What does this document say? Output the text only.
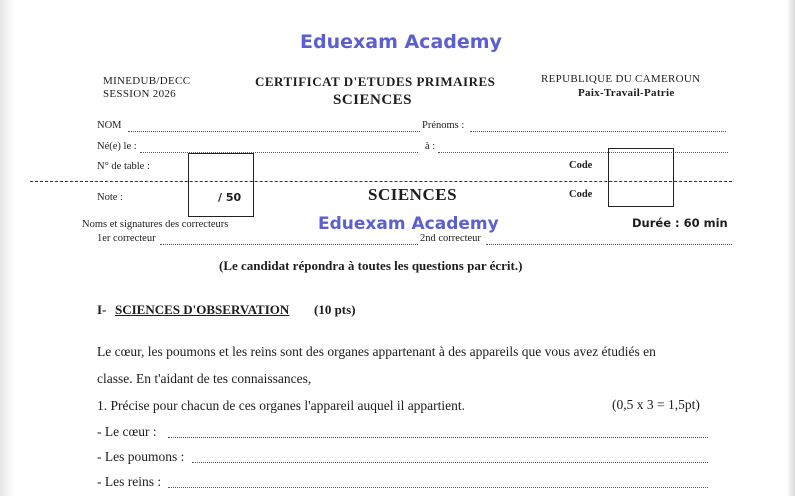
Eduexam Academy
MINEDUB/DECC
SESSION 2026
CERTIFICAT D'ETUDES PRIMAIRES
SCIENCES
REPUBLIQUE DU CAMEROUN
Paix-Travail-Patrie
NOM	Prénoms :
Né(e) le :	à :
N° de table :	Code
Note :	/ 50	SCIENCES	Code
Noms et signatures des correcteurs	Eduexam Academy	Durée : 60 min
1er correcteur	2nd correcteur
(Le candidat répondra à toutes les questions par écrit.)
I- SCIENCES D'OBSERVATION (10 pts)
Le cœur, les poumons et les reins sont des organes appartenant à des appareils que vous avez étudiés en
classe. En t'aidant de tes connaissances,
1. Précise pour chacun de ces organes l'appareil auquel il appartient.	(0,5 x 3 = 1,5pt)
- Le cœur :
- Les poumons :
- Les reins :
